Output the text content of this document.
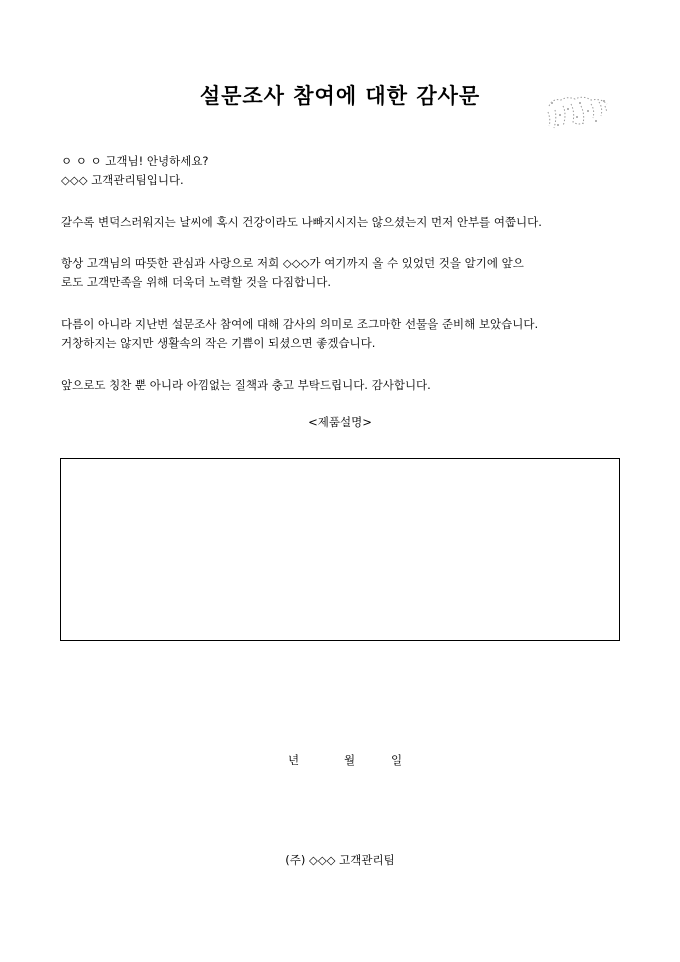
설문조사 참여에 대한 감사문
ㅇ ㅇ ㅇ 고객님! 안녕하세요?
◇◇◇ 고객관리팀입니다.
갈수록 변덕스러워지는 날씨에 혹시 건강이라도 나빠지시지는 않으셨는지 먼저 안부를 여쭙니다.
항상 고객님의 따뜻한 관심과 사랑으로 저희 ◇◇◇가 여기까지 올 수 있었던 것을 알기에 앞으
로도 고객만족을 위해 더욱더 노력할 것을 다짐합니다.
다름이 아니라 지난번 설문조사 참여에 대해 감사의 의미로 조그마한 선물을 준비해 보았습니다.
거창하지는 않지만 생활속의 작은 기쁨이 되셨으면 좋겠습니다.
앞으로도 칭찬 뿐 아니라 아낌없는 질책과 충고 부탁드립니다. 감사합니다.
<제품설명>
년	월	일
(주) ◇◇◇ 고객관리팀
